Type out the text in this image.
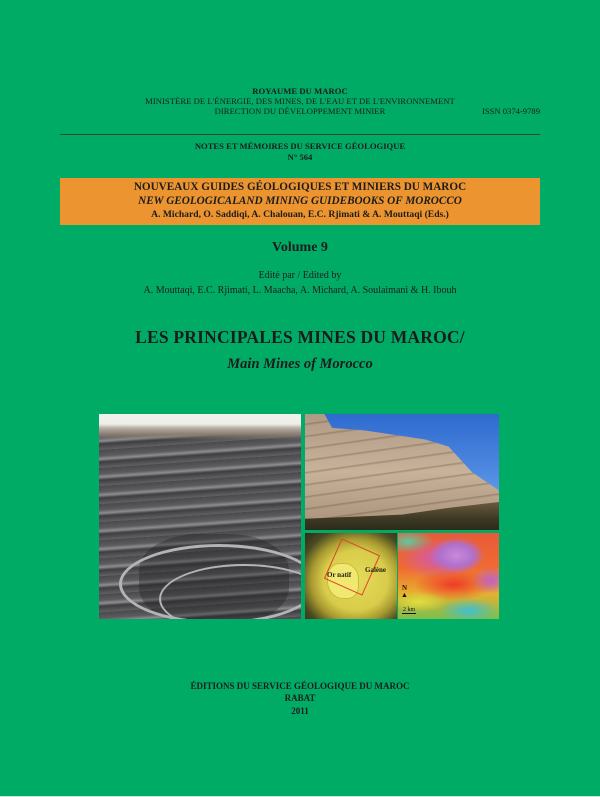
ROYAUME DU MAROC
MINISTÈRE DE L'ÉNERGIE, DES MINES, DE L'EAU ET DE L'ENVIRONNEMENT
DIRECTION DU DÉVELOPPEMENT MINIER	ISSN 0374-9789
NOTES ET MÉMOIRES DU SERVICE GÉOLOGIQUE
N° 564
NOUVEAUX GUIDES GÉOLOGIQUES ET MINIERS DU MAROC
NEW GEOLOGICALAND MINING GUIDEBOOKS OF MOROCCO
A. Michard, O. Saddiqi, A. Chalouan, E.C. Rjimati & A. Mouttaqi (Eds.)
Volume 9
Edité par / Edited by
A. Mouttaqi, E.C. Rjimati, L. Maacha, A. Michard, A. Soulaimani & H. Ibouh
LES PRINCIPALES MINES DU MAROC/
Main Mines of Morocco
Or natif
Galène
N
▲
2 km
ÉDITIONS DU SERVICE GÉOLOGIQUE DU MAROC
RABAT
2011
